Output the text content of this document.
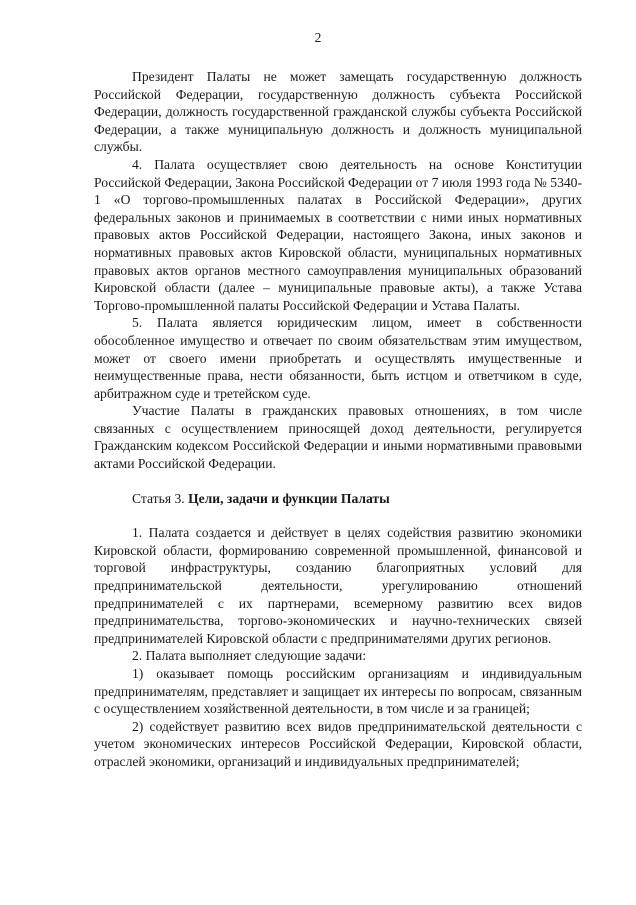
2

Президент Палаты не может замещать государственную должность Российской Федерации, государственную должность субъекта Российской Федерации, должность государственной гражданской службы субъекта Российской Федерации, а также муниципальную должность и должность муниципальной службы.

4. Палата осуществляет свою деятельность на основе Конституции Российской Федерации, Закона Российской Федерации от 7 июля 1993 года № 5340-1 «О торгово-промышленных палатах в Российской Федерации», других федеральных законов и принимаемых в соответствии с ними иных нормативных правовых актов Российской Федерации, настоящего Закона, иных законов и нормативных правовых актов Кировской области, муниципальных нормативных правовых актов органов местного самоуправления муниципальных образований Кировской области (далее – муниципальные правовые акты), а также Устава Торгово-промышленной палаты Российской Федерации и Устава Палаты.

5. Палата является юридическим лицом, имеет в собственности обособленное имущество и отвечает по своим обязательствам этим имуществом, может от своего имени приобретать и осуществлять имущественные и неимущественные права, нести обязанности, быть истцом и ответчиком в суде, арбитражном суде и третейском суде.

Участие Палаты в гражданских правовых отношениях, в том числе связанных с осуществлением приносящей доход деятельности, регулируется Гражданским кодексом Российской Федерации и иными нормативными правовыми актами Российской Федерации.

Статья 3. Цели, задачи и функции Палаты

1. Палата создается и действует в целях содействия развитию экономики Кировской области, формированию современной промышленной, финансовой и торговой инфраструктуры, созданию благоприятных условий для предпринимательской деятельности, урегулированию отношений предпринимателей с их партнерами, всемерному развитию всех видов предпринимательства, торгово-экономических и научно-технических связей предпринимателей Кировской области с предпринимателями других регионов.

2. Палата выполняет следующие задачи:

1) оказывает помощь российским организациям и индивидуальным предпринимателям, представляет и защищает их интересы по вопросам, связанным с осуществлением хозяйственной деятельности, в том числе и за границей;

2) содействует развитию всех видов предпринимательской деятельности с учетом экономических интересов Российской Федерации, Кировской области, отраслей экономики, организаций и индивидуальных предпринимателей;
